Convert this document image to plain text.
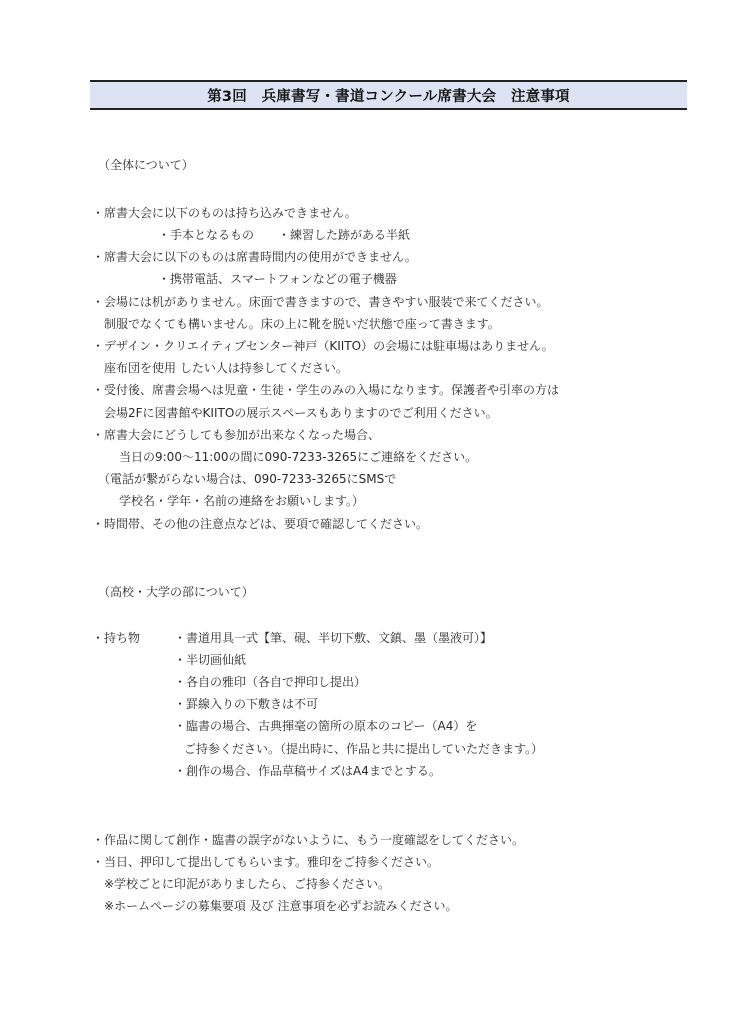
第3回　兵庫書写・書道コンクール席書大会　注意事項
（全体について）
・席書大会に以下のものは持ち込みできません。
・手本となるもの　　・練習した跡がある半紙
・席書大会に以下のものは席書時間内の使用ができません。
・携帯電話、スマートフォンなどの電子機器
・会場には机がありません。床面で書きますので、書きやすい服装で来てください。
制服でなくても構いません。床の上に靴を脱いだ状態で座って書きます。
・デザイン・クリエイティブセンター神戸（KIITO）の会場には駐車場はありません。
座布団を使用 したい人は持参してください。
・受付後、席書会場へは児童・生徒・学生のみの入場になります。保護者や引率の方は
会場2Fに図書館やKIITOの展示スペースもありますのでご利用ください。
・席書大会にどうしても参加が出来なくなった場合、
当日の9:00～11:00の間に090-7233-3265にご連絡をください。
（電話が繋がらない場合は、090-7233-3265にSMSで
学校名・学年・名前の連絡をお願いします。）
・時間帯、その他の注意点などは、要項で確認してください。
（高校・大学の部について）
・持ち物	・書道用具一式【筆、硯、半切下敷、文鎮、墨（墨液可）】
・半切画仙紙
・各自の雅印（各自で押印し提出）
・罫線入りの下敷きは不可
・臨書の場合、古典揮毫の箇所の原本のコピー（A4）を
ご持参ください。（提出時に、作品と共に提出していただきます。）
・創作の場合、作品草稿サイズはA4までとする。
・作品に関して創作・臨書の誤字がないように、もう一度確認をしてください。
・当日、押印して提出してもらいます。雅印をご持参ください。
※学校ごとに印泥がありましたら、ご持参ください。
※ホームページの募集要項 及び 注意事項を必ずお読みください。
